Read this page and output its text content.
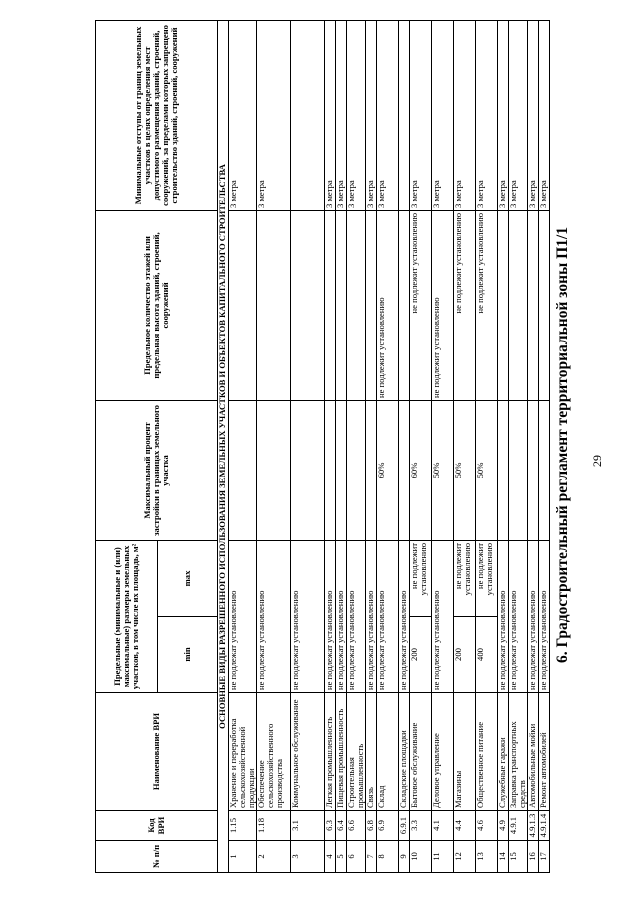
29
6. Градостроительный регламент территориальной зоны П1/1
№ п/п	Код ВРИ	Наименование ВРИ	Предельные (минимальные и (или) максимальные) размеры земельных участков, в том числе их площадь, м²		Максимальный процент застройки в границах земельного участка	Предельное количество этажей или предельная высота зданий, строений, сооружений	Минимальные отступы от границ земельных участков в целях определения мест допустимого размещения зданий, строений, сооружений, за пределами которых запрещено строительство зданий, строений, сооружений
			min	max			
ОСНОВНЫЕ ВИДЫ РАЗРЕШЕННОГО ИСПОЛЬЗОВАНИЯ ЗЕМЕЛЬНЫХ УЧАСТКОВ И ОБЪЕКТОВ КАПИТАЛЬНОГО СТРОИТЕЛЬСТВА							
1	1.15	Хранение и переработка сельскохозяйственной продукции	не подлежат установлению				3 метра
2	1.18	Обеспечение сельскохозяйственного производства	не подлежат установлению				3 метра
3	3.1	Коммунальное обслуживание	не подлежат установлению				
4	6.3	Легкая промышленность	не подлежат установлению				3 метра
5	6.4	Пищевая промышленность	не подлежат установлению				3 метра
6	6.6	Строительная промышленность	не подлежат установлению				3 метра
7	6.8	Связь	не подлежат установлению				3 метра
8	6.9	Склад	не подлежат установлению		60%	не подлежит установлению	3 метра
9	6.9.1	Складские площадки	не подлежат установлению				
10	3.3	Бытовое обслуживание	200	не подлежит установлению	60%	не подлежит установлению	3 метра
11	4.1	Деловое управление	не подлежат установлению		50%	не подлежит установлению	3 метра
12	4.4	Магазины	200	не подлежит установлению	50%	не подлежит установлению	3 метра
13	4.6	Общественное питание	400	не подлежит установлению	50%	не подлежит установлению	3 метра
14	4.9	Служебные гаражи	не подлежат установлению				3 метра
15	4.9.1	Заправка транспортных средств	не подлежат установлению				3 метра
16	4.9.1.3	Автомобильные мойки	не подлежат установлению				3 метра
17	4.9.1.4	Ремонт автомобилей	не подлежат установлению				3 метра
